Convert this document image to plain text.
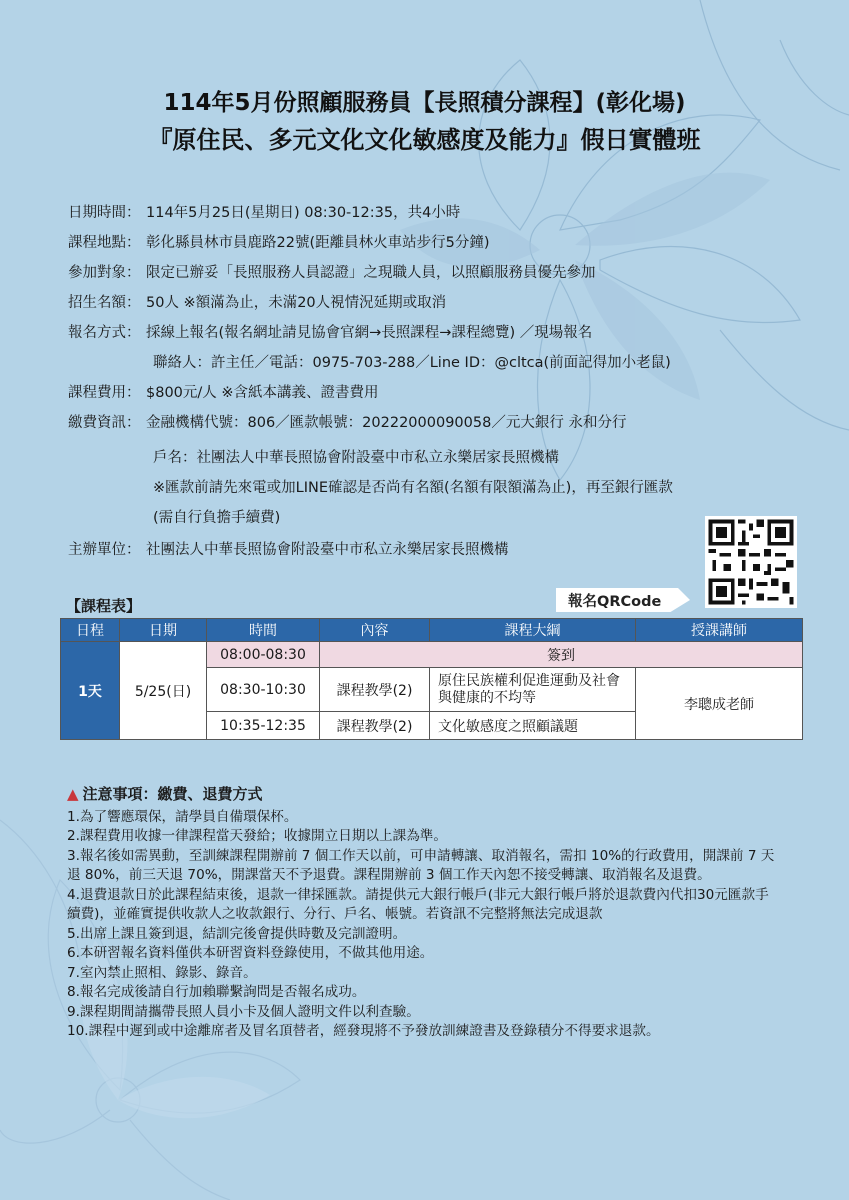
114年5月份照顧服務員【長照積分課程】(彰化場)
『原住民、多元文化文化敏感度及能力』假日實體班
日期時間： 114年5月25日(星期日) 08:30-12:35，共4小時
課程地點： 彰化縣員林市員鹿路22號(距離員林火車站步行5分鐘)
參加對象： 限定已辦妥「長照服務人員認證」之現職人員，以照顧服務員優先參加
招生名額： 50人 ※額滿為止，未滿20人視情況延期或取消
報名方式： 採線上報名(報名網址請見協會官網→長照課程→課程總覽) ／現場報名
聯絡人：許主任／電話：0975-703-288／Line ID：@cltca(前面記得加小老鼠)
課程費用： $800元/人 ※含紙本講義、證書費用
繳費資訊： 金融機構代號：806／匯款帳號：20222000090058／元大銀行 永和分行
戶名：社團法人中華長照協會附設臺中市私立永樂居家長照機構
※匯款前請先來電或加LINE確認是否尚有名額(名額有限額滿為止)，再至銀行匯款
(需自行負擔手續費)
主辦單位： 社團法人中華長照協會附設臺中市私立永樂居家長照機構
報名QRCode
【課程表】
日程	日期	時間	內容	課程大綱	授課講師
1天	5/25(日)	08:00-08:30	簽到		
		08:30-10:30	課程教學(2)	原住民族權利促進運動及社會與健康的不均等	李聰成老師
		10:35-12:35	課程教學(2)	文化敏感度之照顧議題	
▲ 注意事項：繳費、退費方式
1.為了響應環保，請學員自備環保杯。
2.課程費用收據一律課程當天發給；收據開立日期以上課為準。
3.報名後如需異動，至訓練課程開辦前 7 個工作天以前，可申請轉讓、取消報名，需扣 10%的行政費用，開課前 7 天退 80%，前三天退 70%，開課當天不予退費。課程開辦前 3 個工作天內恕不接受轉讓、取消報名及退費。
4.退費退款日於此課程結束後，退款一律採匯款。請提供元大銀行帳戶(非元大銀行帳戶將於退款費內代扣30元匯款手續費)，並確實提供收款人之收款銀行、分行、戶名、帳號。若資訊不完整將無法完成退款
5.出席上課且簽到退，結訓完後會提供時數及完訓證明。
6.本研習報名資料僅供本研習資料登錄使用，不做其他用途。
7.室內禁止照相、錄影、錄音。
8.報名完成後請自行加賴聯繫詢問是否報名成功。
9.課程期間請攜帶長照人員小卡及個人證明文件以利查驗。
10.課程中遲到或中途離席者及冒名頂替者，經發現將不予發放訓練證書及登錄積分不得要求退款。
